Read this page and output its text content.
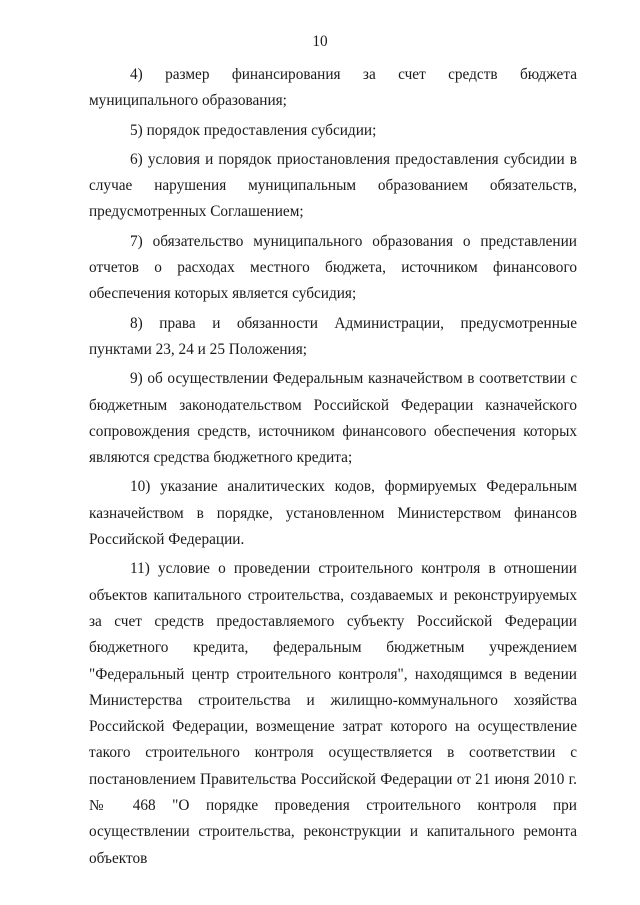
10

4) размер финансирования за счет средств бюджета муниципального образования;

5) порядок предоставления субсидии;

6) условия и порядок приостановления предоставления субсидии в случае нарушения муниципальным образованием обязательств, предусмотренных Соглашением;

7) обязательство муниципального образования о представлении отчетов о расходах местного бюджета, источником финансового обеспечения которых является субсидия;

8) права и обязанности Администрации, предусмотренные пунктами 23, 24 и 25 Положения;

9) об осуществлении Федеральным казначейством в соответствии с бюджетным законодательством Российской Федерации казначейского сопровождения средств, источником финансового обеспечения которых являются средства бюджетного кредита;

10) указание аналитических кодов, формируемых Федеральным казначейством в порядке, установленном Министерством финансов Российской Федерации.

11) условие о проведении строительного контроля в отношении объектов капитального строительства, создаваемых и реконструируемых за счет средств предоставляемого субъекту Российской Федерации бюджетного кредита, федеральным бюджетным учреждением "Федеральный центр строительного контроля", находящимся в ведении Министерства строительства и жилищно-коммунального хозяйства Российской Федерации, возмещение затрат которого на осуществление такого строительного контроля осуществляется в соответствии с постановлением Правительства Российской Федерации от 21 июня 2010 г. № 468 "О порядке проведения строительного контроля при осуществлении строительства, реконструкции и капитального ремонта объектов
